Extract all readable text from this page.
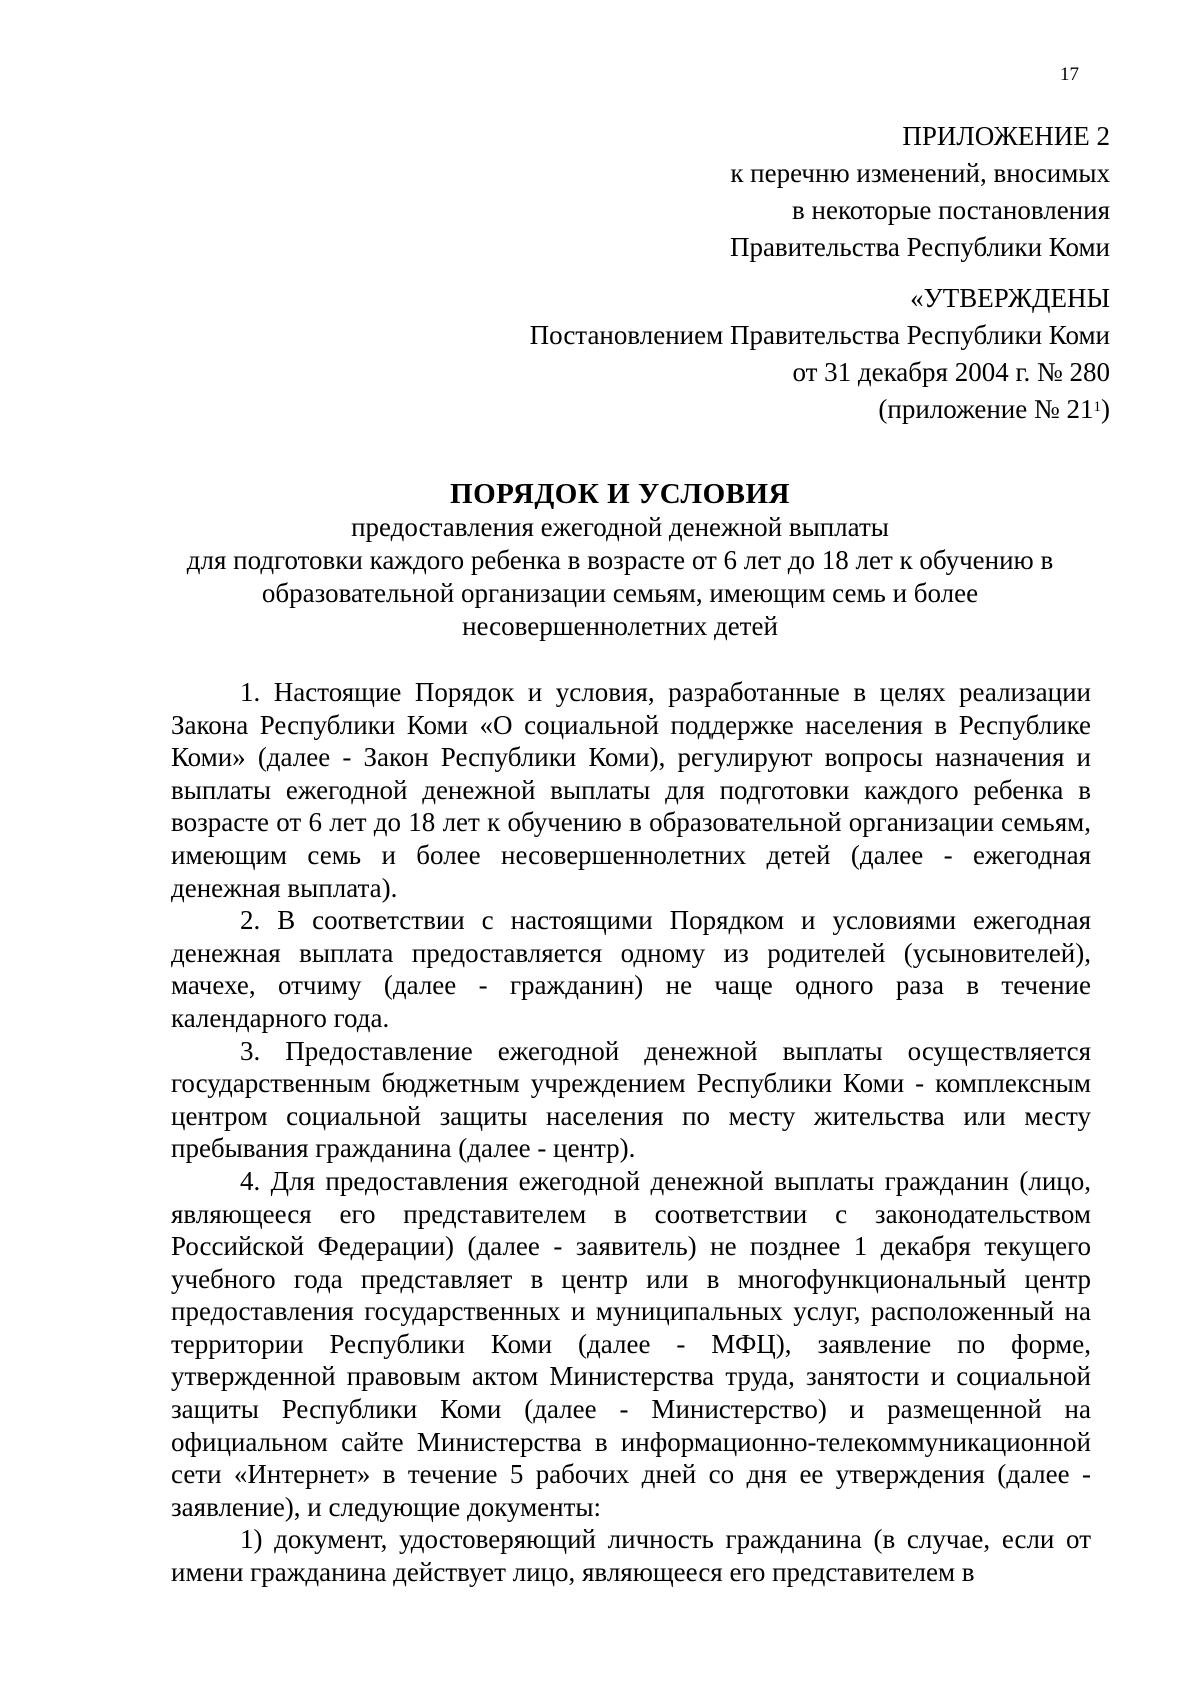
17
ПРИЛОЖЕНИЕ 2
к перечню изменений, вносимых
в некоторые постановления
Правительства Республики Коми
«УТВЕРЖДЕНЫ
Постановлением Правительства Республики Коми
от 31 декабря 2004 г. № 280
(приложение № $21^1$)
ПОРЯДОК И УСЛОВИЯ
предоставления ежегодной денежной выплаты
для подготовки каждого ребенка в возрасте от 6 лет до 18 лет к обучению в
образовательной организации семьям, имеющим семь и более
несовершеннолетних детей

1. Настоящие Порядок и условия, разработанные в целях реализации Закона Республики Коми «О социальной поддержке населения в Республике Коми» (далее - Закон Республики Коми), регулируют вопросы назначения и выплаты ежегодной денежной выплаты для подготовки каждого ребенка в возрасте от 6 лет до 18 лет к обучению в образовательной организации семьям, имеющим семь и более несовершеннолетних детей (далее - ежегодная денежная выплата).

2. В соответствии с настоящими Порядком и условиями ежегодная денежная выплата предоставляется одному из родителей (усыновителей), мачехе, отчиму (далее - гражданин) не чаще одного раза в течение календарного года.

3. Предоставление ежегодной денежной выплаты осуществляется государственным бюджетным учреждением Республики Коми - комплексным центром социальной защиты населения по месту жительства или месту пребывания гражданина (далее - центр).

4. Для предоставления ежегодной денежной выплаты гражданин (лицо, являющееся его представителем в соответствии с законодательством Российской Федерации) (далее - заявитель) не позднее 1 декабря текущего учебного года представляет в центр или в многофункциональный центр предоставления государственных и муниципальных услуг, расположенный на территории Республики Коми (далее - МФЦ), заявление по форме, утвержденной правовым актом Министерства труда, занятости и социальной защиты Республики Коми (далее - Министерство) и размещенной на официальном сайте Министерства в информационно-телекоммуникационной сети «Интернет» в течение 5 рабочих дней со дня ее утверждения (далее - заявление), и следующие документы:

1) документ, удостоверяющий личность гражданина (в случае, если от имени гражданина действует лицо, являющееся его представителем в
